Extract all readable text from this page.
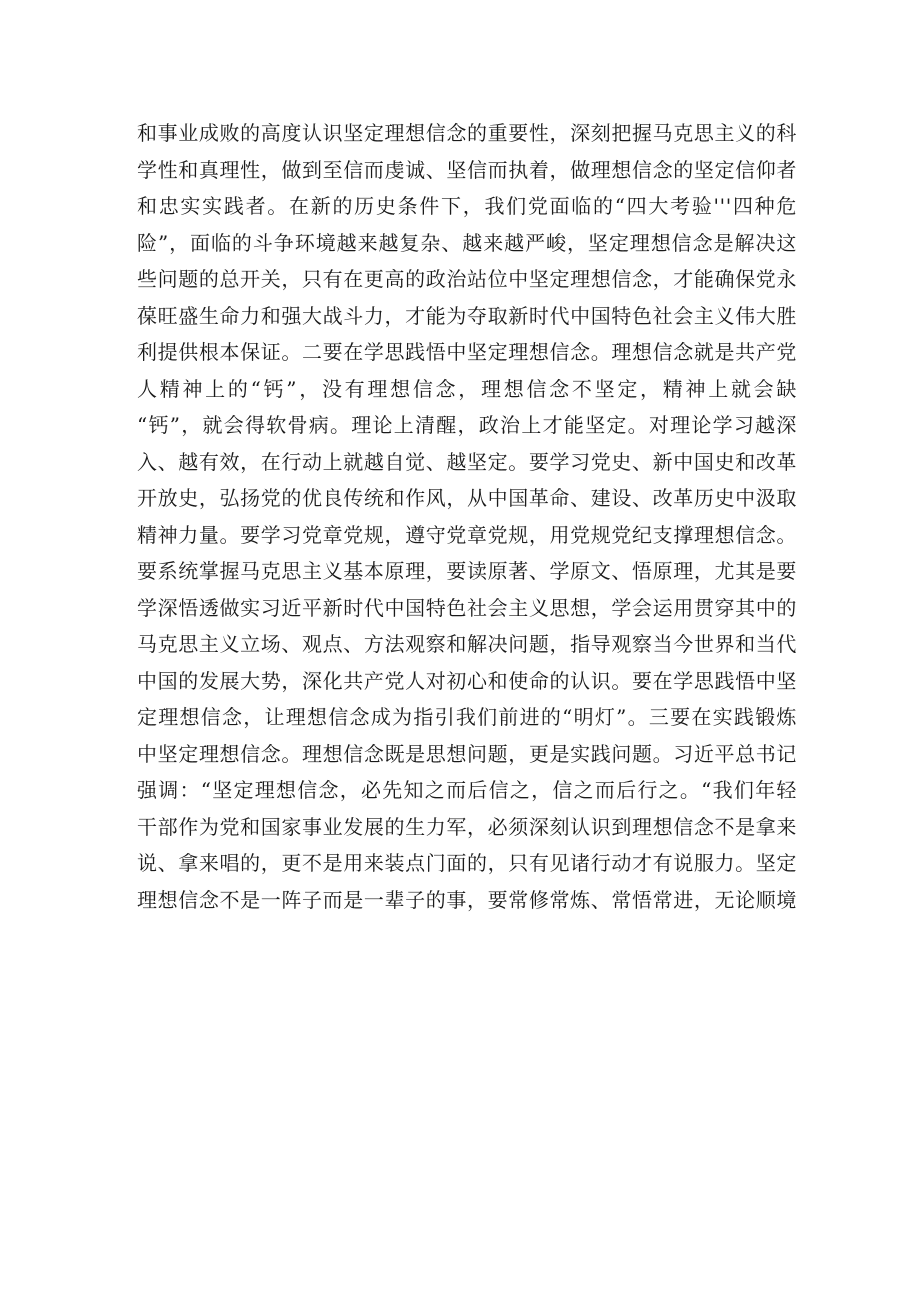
和事业成败的高度认识坚定理想信念的重要性，深刻把握马克思主义的科
学性和真理性，做到至信而虔诚、坚信而执着，做理想信念的坚定信仰者
和忠实实践者。在新的历史条件下，我们党面临的“四大考验'''四种危
险”，面临的斗争环境越来越复杂、越来越严峻，坚定理想信念是解决这
些问题的总开关，只有在更高的政治站位中坚定理想信念，才能确保党永
葆旺盛生命力和强大战斗力，才能为夺取新时代中国特色社会主义伟大胜
利提供根本保证。二要在学思践悟中坚定理想信念。理想信念就是共产党
人精神上的“钙”，没有理想信念，理想信念不坚定，精神上就会缺
“钙”，就会得软骨病。理论上清醒，政治上才能坚定。对理论学习越深
入、越有效，在行动上就越自觉、越坚定。要学习党史、新中国史和改革
开放史，弘扬党的优良传统和作风，从中国革命、建设、改革历史中汲取
精神力量。要学习党章党规，遵守党章党规，用党规党纪支撑理想信念。
要系统掌握马克思主义基本原理，要读原著、学原文、悟原理，尤其是要
学深悟透做实习近平新时代中国特色社会主义思想，学会运用贯穿其中的
马克思主义立场、观点、方法观察和解决问题，指导观察当今世界和当代
中国的发展大势，深化共产党人对初心和使命的认识。要在学思践悟中坚
定理想信念，让理想信念成为指引我们前进的“明灯”。三要在实践锻炼
中坚定理想信念。理想信念既是思想问题，更是实践问题。习近平总书记
强调：“坚定理想信念，必先知之而后信之，信之而后行之。“我们年轻
干部作为党和国家事业发展的生力军，必须深刻认识到理想信念不是拿来
说、拿来唱的，更不是用来装点门面的，只有见诸行动才有说服力。坚定
理想信念不是一阵子而是一辈子的事，要常修常炼、常悟常进，无论顺境
